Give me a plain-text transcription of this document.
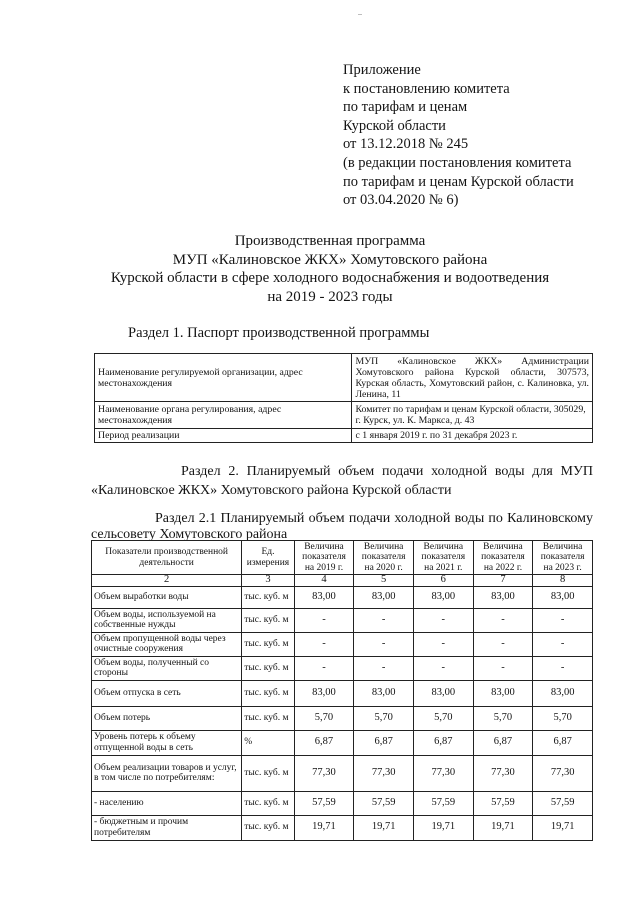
..
Приложение
к постановлению комитета
по тарифам и ценам
Курской области
от 13.12.2018 № 245
(в редакции постановления комитета
по тарифам и ценам Курской области
от 03.04.2020 № 6)
Производственная программа
МУП «Калиновское ЖКХ» Хомутовского района
Курской области в сфере холодного водоснабжения и водоотведения
на 2019 - 2023 годы
Раздел 1. Паспорт производственной программы
Наименование регулируемой организации, адрес местонахождения	МУП «Калиновское ЖКХ» Администрации Хомутовского района Курской области, 307573, Курская область, Хомутовский район, с. Калиновка, ул. Ленина, 11
Наименование органа регулирования, адрес местонахождения	Комитет по тарифам и ценам Курской области, 305029, г. Курск, ул. К. Маркса, д. 43
Период реализации	с 1 января 2019 г. по 31 декабря 2023 г.
Раздел 2. Планируемый объем подачи холодной воды для МУП «Калиновское ЖКХ» Хомутовского района Курской области
Раздел 2.1 Планируемый объем подачи холодной воды по Калиновскому сельсовету Хомутовского района
Показатели производственной деятельности	Ед. измерения	Величина показателя на 2019 г.	Величина показателя на 2020 г.	Величина показателя на 2021 г.	Величина показателя на 2022 г.	Величина показателя на 2023 г.
2	3	4	5	6	7	8
Объем выработки воды	тыс. куб. м	83,00	83,00	83,00	83,00	83,00
Объем воды, используемой на собственные нужды	тыс. куб. м	-	-	-	-	-
Объем пропущенной воды через очистные сооружения	тыс. куб. м	-	-	-	-	-
Объем воды, полученный со стороны	тыс. куб. м	-	-	-	-	-
Объем отпуска в сеть	тыс. куб. м	83,00	83,00	83,00	83,00	83,00
Объем потерь	тыс. куб. м	5,70	5,70	5,70	5,70	5,70
Уровень потерь к объему отпущенной воды в сеть	%	6,87	6,87	6,87	6,87	6,87
Объем реализации товаров и услуг, в том числе по потребителям:	тыс. куб. м	77,30	77,30	77,30	77,30	77,30
- населению	тыс. куб. м	57,59	57,59	57,59	57,59	57,59
- бюджетным и прочим потребителям	тыс. куб. м	19,71	19,71	19,71	19,71	19,71
